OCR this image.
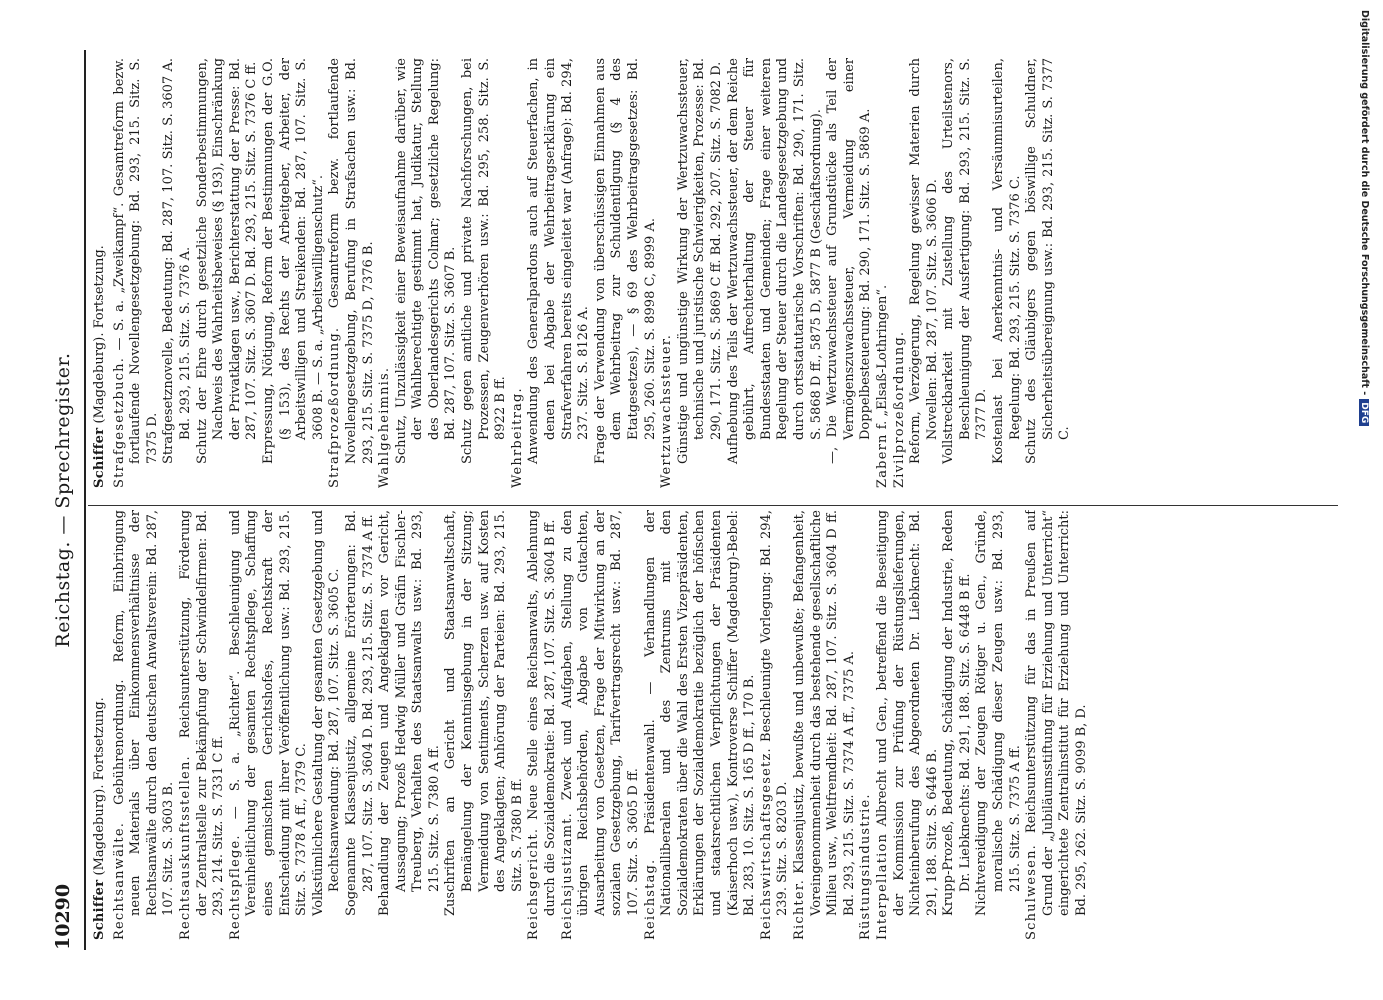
10290
Reichstag. — Sprechregister.
Schiffer (Magdeburg). Fortsetzung.

Rechtsanwälte. Gebührenordnung. Reform, Einbringung neuen Materials über Einkommensverhältnisse der Rechtsanwälte durch den deutschen Anwaltsverein: Bd. 287, 107. Sitz. S. 3603 B. Rechtsauskunftsstellen. Reichsunterstützung, Förderung der Zentralstelle zur Bekämpfung der Schwindelfirmen: Bd. 293, 214. Sitz. S. 7331 C ff. Rechtspflege. — S. a. „Richter“. Beschleunigung und Vereinheitlichung der gesamten Rechtspflege, Schaffung eines gemischten Gerichtshofes, Rechtskraft der Entscheidung mit ihrer Veröffentlichung usw.: Bd. 293, 215. Sitz. S. 7378 A ff., 7379 C. Volkstümlichere Gestaltung der gesamten Gesetzgebung und Rechtsanwendung: Bd. 287, 107. Sitz. S. 3605 C. Sogenannte Klassenjustiz, allgemeine Erörterungen: Bd. 287, 107. Sitz. S. 3604 D. Bd. 293, 215. Sitz. S. 7374 A ff. Behandlung der Zeugen und Angeklagten vor Gericht, Aussagung; Prozeß Hedwig Müller und Gräfin Fischler-Treuberg, Verhalten des Staatsanwalts usw.: Bd. 293, 215. Sitz. S. 7380 A ff. Zuschriften an Gericht und Staatsanwaltschaft, Bemängelung der Kenntnisgebung in der Sitzung; Vermeidung von Sentiments, Scherzen usw. auf Kosten des Angeklagten; Anhörung der Parteien: Bd. 293, 215. Sitz. S. 7380 B ff. Reichsgericht. Neue Stelle eines Reichsanwalts, Ablehnung durch die Sozialdemokratie: Bd. 287, 107. Sitz. S. 3604 B ff. Reichsjustizamt. Zweck und Aufgaben, Stellung zu den übrigen Reichsbehörden, Abgabe von Gutachten, Ausarbeitung von Gesetzen, Frage der Mitwirkung an der sozialen Gesetzgebung, Tarifvertragsrecht usw.: Bd. 287, 107. Sitz. S. 3605 D ff. Reichstag. Präsidentenwahl. — Verhandlungen der Nationalliberalen und des Zentrums mit den Sozialdemokraten über die Wahl des Ersten Vizepräsidenten, Erklärungen der Sozialdemokratie bezüglich der höfischen und staatsrechtlichen Verpflichtungen der Präsidenten (Kaiserhoch usw.), Kontroverse Schiffer (Magdeburg)-Bebel: Bd. 283, 10. Sitz. S. 165 D ff., 170 B. Reichswirtschaftsgesetz. Beschleunigte Vorlegung: Bd. 294, 239. Sitz. S. 8203 D. Richter. Klassenjustiz, bewußte und unbewußte; Befangenheit, Voreingenommenheit durch das bestehende gesellschaftliche Milieu usw., Weltfremdheit: Bd. 287, 107. Sitz. S. 3604 D ff. Bd. 293, 215. Sitz. S. 7374 A ff., 7375 A. Rüstungsindustrie. Interpellation Albrecht und Gen., betreffend die Beseitigung der Kommission zur Prüfung der Rüstungslieferungen, Nichteinberufung des Abgeordneten Dr. Liebknecht: Bd. 291, 188. Sitz. S. 6446 B. Krupp-Prozeß, Bedeutung, Schädigung der Industrie, Reden Dr. Liebknechts: Bd. 291, 188. Sitz. S. 6448 B ff. Nichtvereidigung der Zeugen Rötiger u. Gen., Gründe, moralische Schädigung dieser Zeugen usw.: Bd. 293, 215. Sitz. S. 7375 A ff.

Schulwesen. Reichsunterstützung für das in Preußen auf Grund der „Jubiläumsstiftung für Erziehung und Unterricht“ eingerichtete Zentralinstitut für Erziehung und Unterricht: Bd. 295, 262. Sitz. S. 9099 B, D.

Schiffer (Magdeburg). Fortsetzung. Strafgesetzbuch. — S. a. „Zweikampf“. Gesamtreform bezw. fortlaufende Novellengesetzgebung: Bd. 293, 215. Sitz. S. 7375 D. Strafgesetznovelle, Bedeutung: Bd. 287, 107. Sitz. S. 3607 A. Bd. 293, 215. Sitz. S. 7376 A. Schutz der Ehre durch gesetzliche Sonderbestimmungen, Nachweis des Wahrheitsbeweises (§ 193), Einschränkung der Privatklagen usw., Berichterstattung der Presse: Bd. 287, 107. Sitz. S. 3607 D. Bd. 293, 215. Sitz. S. 7376 C ff. Erpressung, Nötigung, Reform der Bestimmungen der G.O. (§ 153), des Rechts der Arbeitgeber, Arbeiter, der Arbeitswilligen und Streikenden: Bd. 287, 107. Sitz. S. 3608 B. — S. a. „Arbeitswilligenschutz“. Strafprozeßordnung. Gesamtreform bezw. fortlaufende Novellengesetzgebung, Berufung in Strafsachen usw.: Bd. 293, 215. Sitz. S. 7375 D, 7376 B. Wahlgeheimnis. Schutz, Unzulässigkeit einer Beweisaufnahme darüber, wie der Wahlberechtigte gestimmt hat, Judikatur, Stellung des Oberlandesgerichts Colmar; gesetzliche Regelung: Bd. 287, 107. Sitz. S. 3607 B. Schutz gegen amtliche und private Nachforschungen, bei Prozessen, Zeugenverhören usw.: Bd. 295, 258. Sitz. S. 8922 B ff. Wehrbeitrag. Anwendung des Generalpardons auch auf Steuerfachen, in denen bei Abgabe der Wehrbeitragserklärung ein Strafverfahren bereits eingeleitet war (Anfrage): Bd. 294, 237. Sitz. S. 8126 A. Frage der Verwendung von überschüssigen Einnahmen aus dem Wehrbeitrag zur Schuldentilgung (§ 4 des Etatgesetzes), — § 69 des Wehrbeitragsgesetzes: Bd. 295, 260. Sitz. S. 8998 C, 8999 A. Wertzuwachssteuer. Günstige und ungünstige Wirkung der Wertzuwachssteuer, technische und juristische Schwierigkeiten, Prozesse: Bd. 290, 171. Sitz. S. 5869 C ff. Bd. 292, 207. Sitz. S. 7082 D. Aufhebung des Teils der Wertzuwachssteuer, der dem Reiche gebührt, Aufrechterhaltung der Steuer für Bundesstaaten und Gemeinden; Frage einer weiteren Regelung der Steuer durch die Landesgesetzgebung und durch ortsstatutarische Vorschriften: Bd. 290, 171. Sitz. S. 5868 D ff., 5875 D, 5877 B (Geschäftsordnung). —, Die Wertzuwachssteuer auf Grundstücke als Teil der Vermögenszuwachssteuer, Vermeidung einer Doppelbesteuerung: Bd. 290, 171. Sitz. S. 5869 A.

Zabern f. „Elsaß-Lothringen“. Zivilprozeßordnung. Reform, Verzögerung, Regelung gewisser Materien durch Novellen: Bd. 287, 107. Sitz. S. 3606 D. Vollstreckbarkeit mit Zustellung des Urteilstenors, Beschleunigung der Ausfertigung: Bd. 293, 215. Sitz. S. 7377 D. Kostenlast bei Anerkenntnis- und Versäumnisurteilen, Regelung: Bd. 293, 215. Sitz. S. 7376 C. Schutz des Gläubigers gegen böswillige Schuldner, Sicherheitsübereignung usw.: Bd. 293, 215. Sitz. S. 7377 C.

Digitalisierung gefördert durch die Deutsche Forschungsgemeinschaft -DFG
